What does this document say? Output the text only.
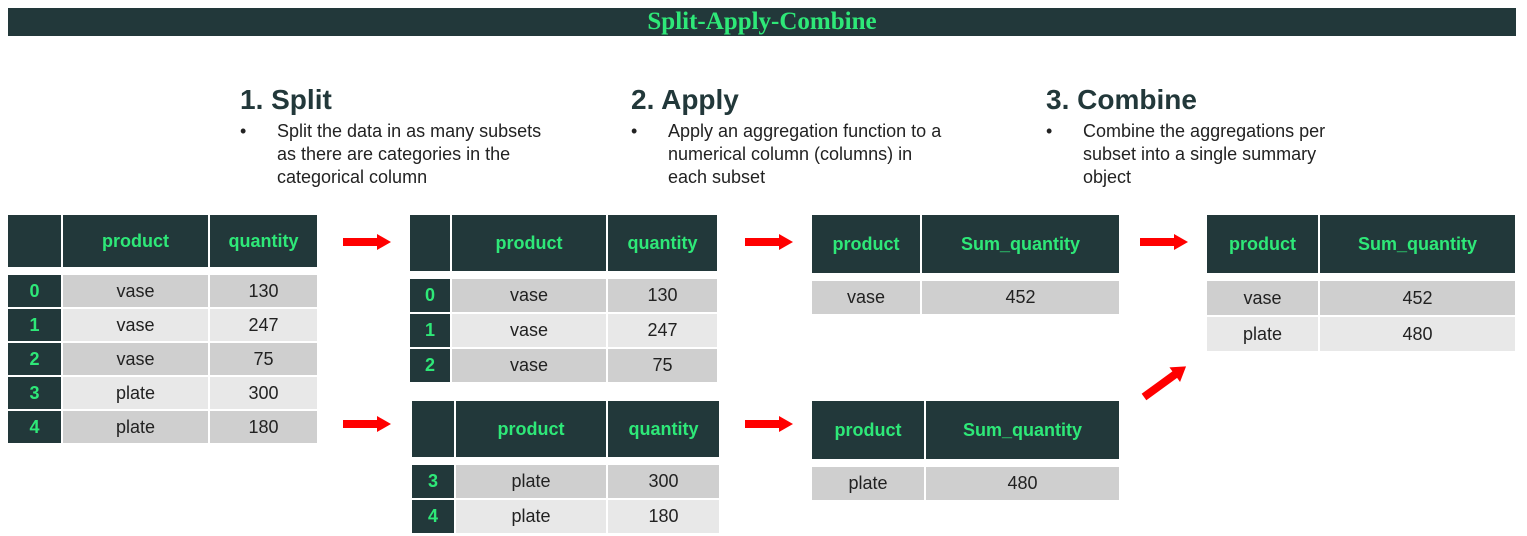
Split-Apply-Combine
1. Split
• Split the data in as many subsets
as there are categories in the
categorical column
2. Apply
• Apply an aggregation function to a
numerical column (columns) in
each subset
3. Combine
• Combine the aggregations per
subset into a single summary
object
	product	quantity

0	vase	130
1	vase	247
2	vase	75
3	plate	300
4	plate	180
	product	quantity

0	vase	130
1	vase	247
2	vase	75
	product	quantity

3	plate	300
4	plate	180
product	Sum_quantity

vase	452
product	Sum_quantity

plate	480
product	Sum_quantity

vase	452
plate	480
